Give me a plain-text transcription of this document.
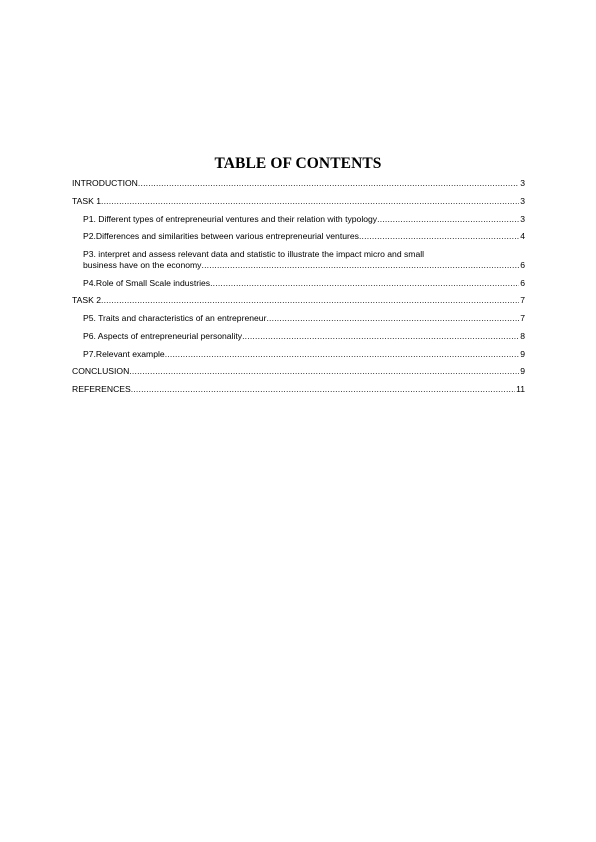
TABLE OF CONTENTS
INTRODUCTION .....	3
TASK 1 .....	3
P1. Different types of entrepreneurial ventures and their relation with typology .....	3
P2.Differences and similarities between various entrepreneurial ventures .....	4
P3. interpret and assess relevant data and statistic to illustrate the impact micro and small
business have on the economy .....	6
P4.Role of Small Scale industries .....	6
TASK 2 .....	7
P5. Traits and characteristics of an entrepreneur .....	7
P6. Aspects of entrepreneurial personality .....	8
P7.Relevant example .....	9
CONCLUSION .....	9
REFERENCES .....	11
